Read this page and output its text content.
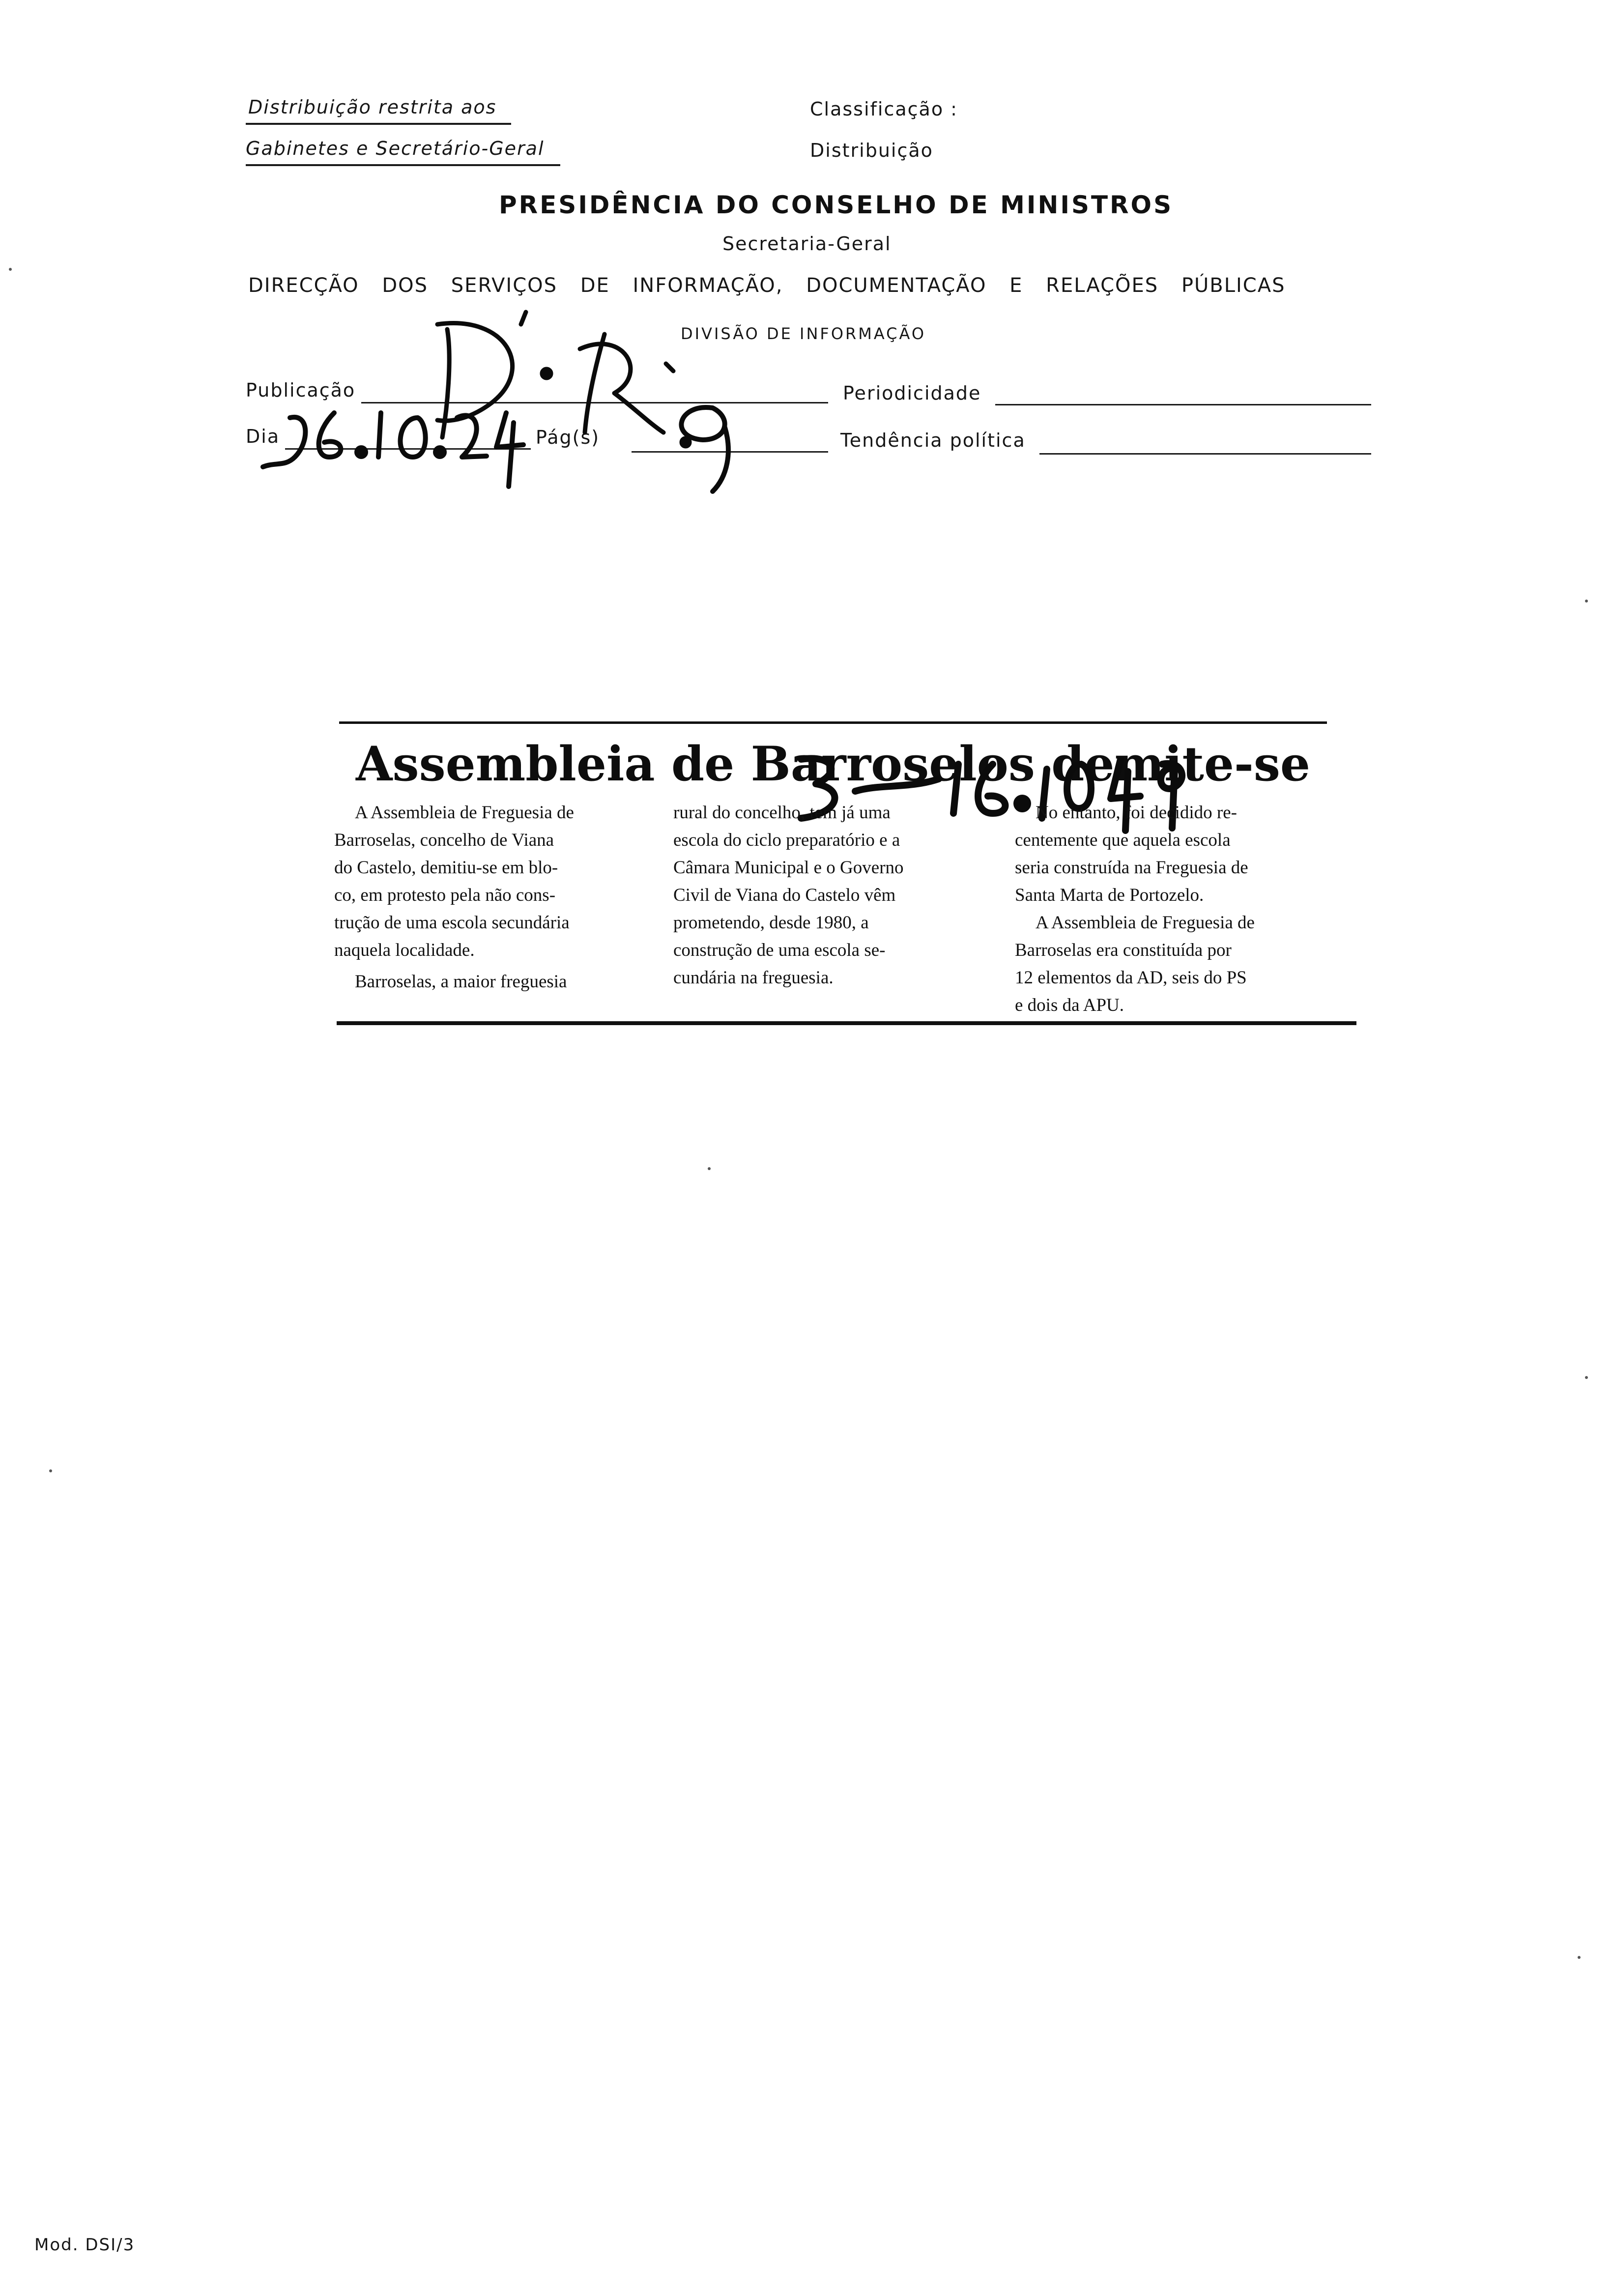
Distribuição restrita aos
Gabinetes e Secretário-Geral
Classificação :
Distribuição
PRESIDÊNCIA DO CONSELHO DE MINISTROS
Secretaria-Geral
DIRECÇÃO DOS SERVIÇOS DE INFORMAÇÃO, DOCUMENTAÇÃO E RELAÇÕES PÚBLICAS
DIVISÃO DE INFORMAÇÃO
Publicação	Periodicidade
Dia	Pág(s)	Tendência política
Assembleia de Barroselos demite-se

A Assembleia de Freguesia de

Barroselas, concelho de Viana

do Castelo, demitiu-se em blo-

co, em protesto pela não cons-

trução de uma escola secundária

naquela localidade.

Barroselas, a maior freguesia

rural do concelho, tem já uma

escola do ciclo preparatório e a

Câmara Municipal e o Governo

Civil de Viana do Castelo vêm

prometendo, desde 1980, a

construção de uma escola se-

cundária na freguesia.

No entanto, foi decidido re-

centemente que aquela escola

seria construída na Freguesia de

Santa Marta de Portozelo.

A Assembleia de Freguesia de

Barroselas era constituída por

12 elementos da AD, seis do PS

e dois da APU.

Mod. DSI/3
